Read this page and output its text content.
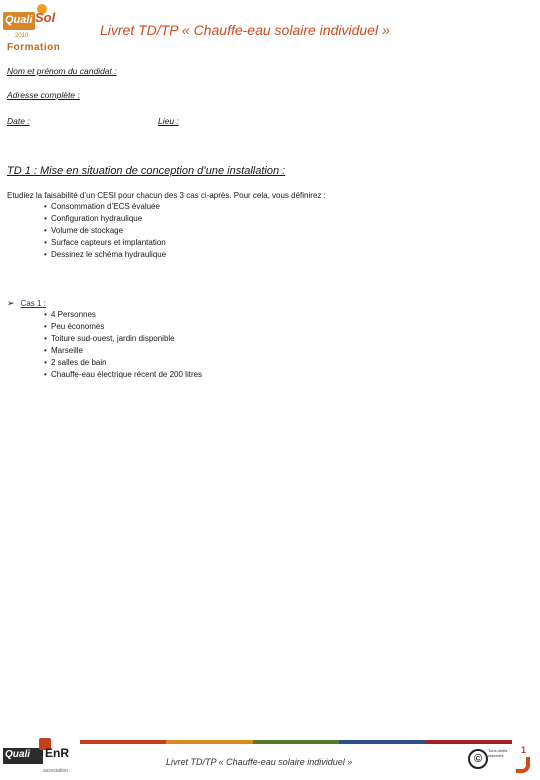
Quali Sol
2010
Formation
Livret TD/TP « Chauffe-eau solaire individuel »
Nom et prénom du candidat :
Adresse complète :
Date :	Lieu :
TD 1 : Mise en situation de conception d’une installation :
Etudiez la faisabilité d’un CESI pour chacun des 3 cas ci-après. Pour cela, vous définirez :
• Consommation d’ECS évaluée
• Configuration hydraulique
• Volume de stockage
• Surface capteurs et implantation
• Dessinez le schéma hydraulique
➢ Cas 1 :
• 4 Personnes
• Peu économes
• Toiture sud-ouest, jardin disponible
• Marseille
• 2 salles de bain
• Chauffe-eau électrique récent de 200 litres
Quali EnR
association
Livret TD/TP « Chauffe-eau solaire individuel »	©
Tous droits réservés
1
